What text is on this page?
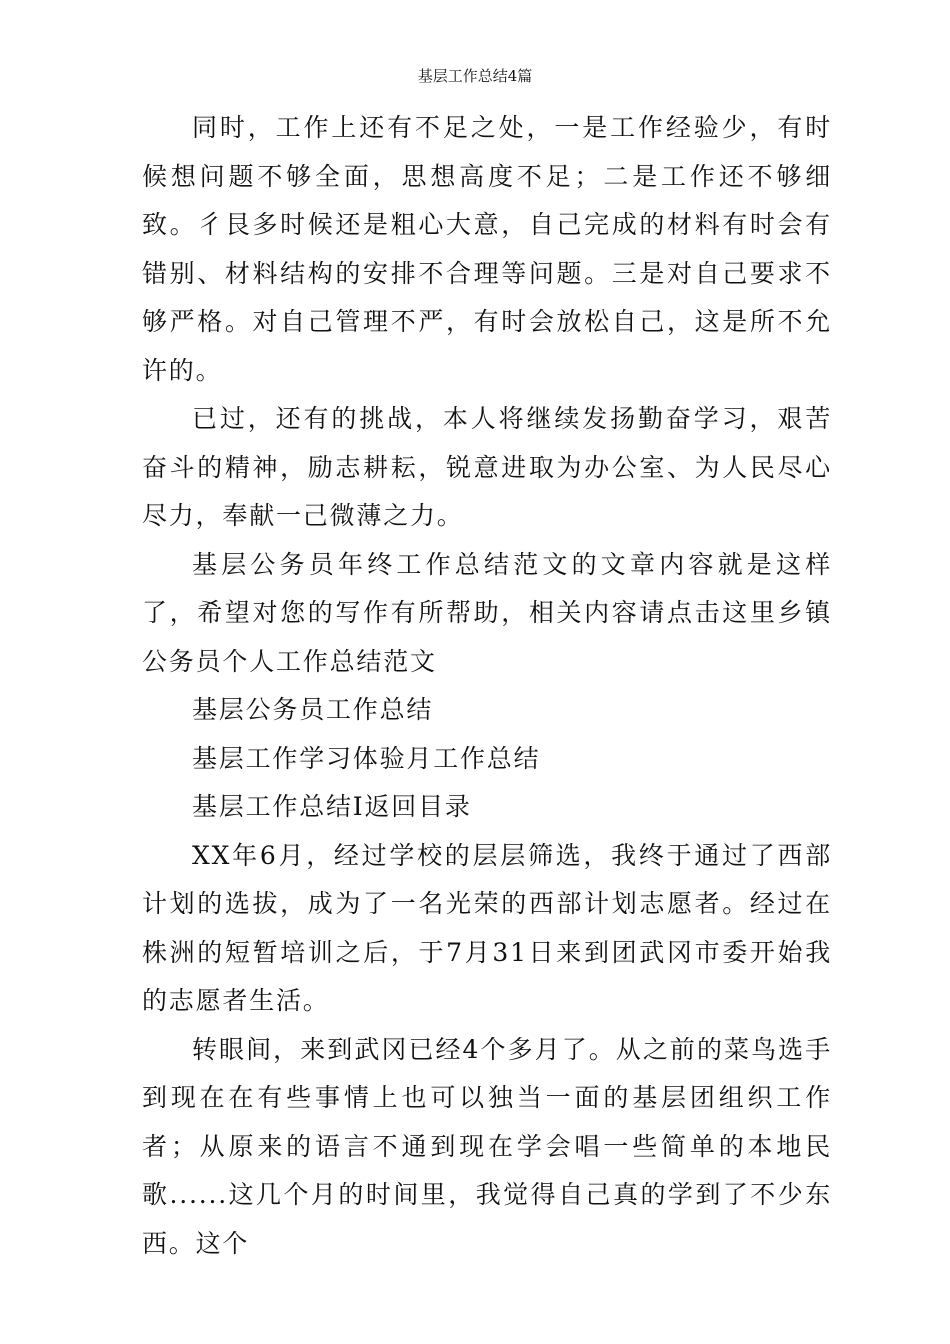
基层工作总结4篇

同时，工作上还有不足之处，一是工作经验少，有时候想问题不够全面，思想高度不足；二是工作还不够细致。彳艮多时候还是粗心大意，自己完成的材料有时会有错别、材料结构的安排不合理等问题。三是对自己要求不够严格。对自己管理不严，有时会放松自己，这是所不允许的。

已过，还有的挑战，本人将继续发扬勤奋学习，艰苦奋斗的精神，励志耕耘，锐意进取为办公室、为人民尽心尽力，奉献一己微薄之力。

基层公务员年终工作总结范文的文章内容就是这样了，希望对您的写作有所帮助，相关内容请点击这里乡镇公务员个人工作总结范文

基层公务员工作总结

基层工作学习体验月工作总结

基层工作总结I返回目录

XX年6月，经过学校的层层筛选，我终于通过了西部计划的选拔，成为了一名光荣的西部计划志愿者。经过在株洲的短暂培训之后，于7月31日来到团武冈市委开始我的志愿者生活。

转眼间，来到武冈已经4个多月了。从之前的菜鸟选手到现在在有些事情上也可以独当一面的基层团组织工作者；从原来的语言不通到现在学会唱一些简单的本地民歌......这几个月的时间里，我觉得自己真的学到了不少东西。这个
